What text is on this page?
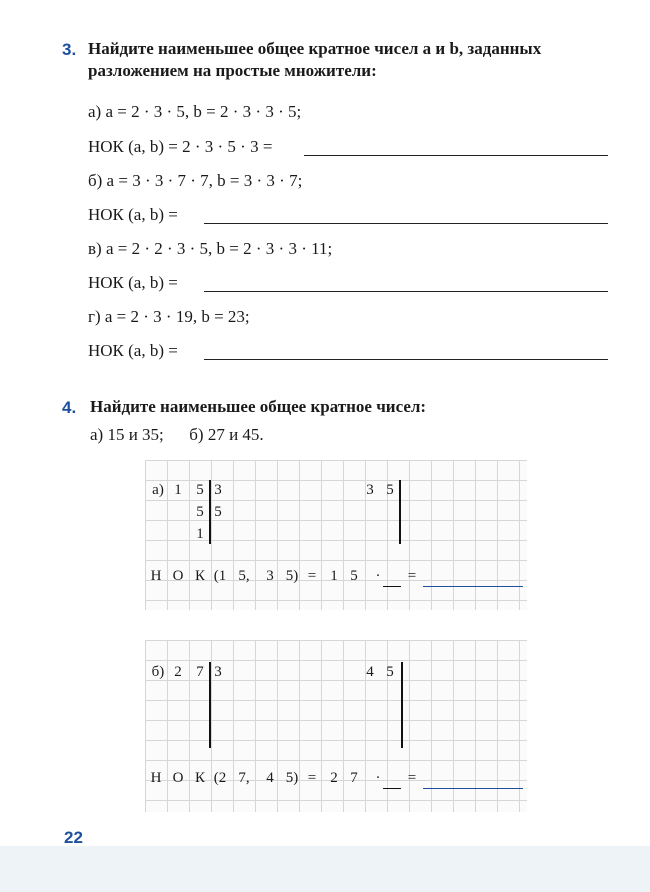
3. Найдите наименьшее общее кратное чисел a и b, заданных
разложением на простые множители:
а) a = 2 · 3 · 5, b = 2 · 3 · 3 · 5;
НОК (a, b) = 2 · 3 · 5 · 3 =
б) a = 3 · 3 · 7 · 7, b = 3 · 3 · 7;
НОК (a, b) =
в) a = 2 · 2 · 3 · 5, b = 2 · 3 · 3 · 11;
НОК (a, b) =
г) a = 2 · 3 · 19, b = 23;
НОК (a, b) =
4. Найдите наименьшее общее кратное чисел:
а) 15 и 35;      б) 27 и 45.
а) 1 5 3
5 5
1
3 5
Н О К (1 5,	3 5) = 1 5	·	=
б) 2 7 3	4 5
Н О К (2 7,	4 5) = 2 7	·	=
22
